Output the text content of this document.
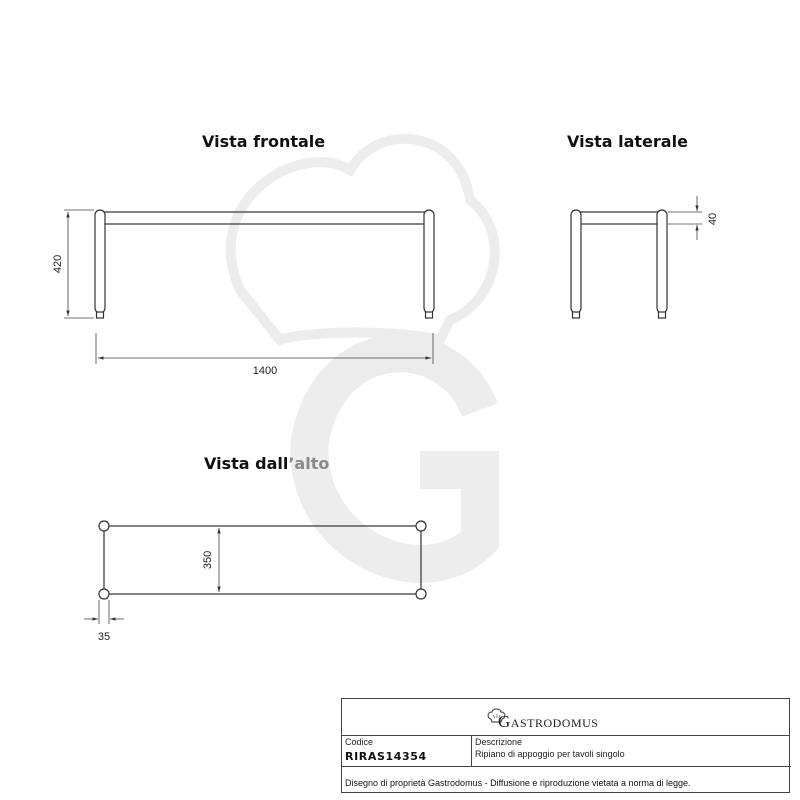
Vista frontale
420
1400
Vista laterale
40
Vista dall’alto
350
35
Gastrodomus
Codice
RIRAS14354
Descrizione
Ripiano di appoggio per tavoli singolo
Disegno di proprietà Gastrodomus - Diffusione e riproduzione vietata a norma di legge.
